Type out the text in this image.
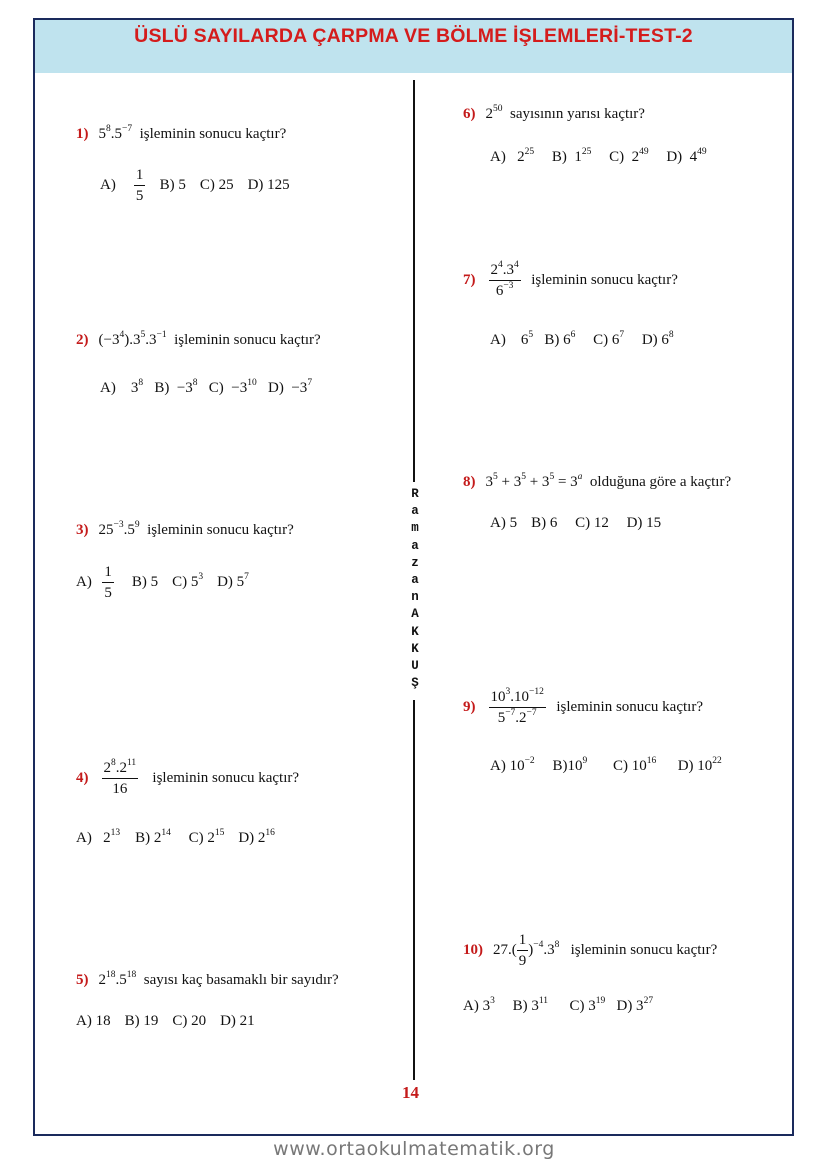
ÜSLÜ SAYILARDA ÇARPMA VE BÖLME İŞLEMLERİ-TEST-2
R
a
m
a
z
a
n
A
K
K
U
Ş
1) $5^8.5^{-7}$ işleminin sonucu kaçtır?
$A) \frac{1}{5} B$) 5 C) 25 D) 125
2) $(-3^4).3^5.3^{-1}$ işleminin sonucu kaçtır?
A)    $3^8$ $B) -3^8$ $C) -3^{10}$ $D) -3^7$
3) $25^{-3}.5^9$ işleminin sonucu kaçtır?
$A) \frac{1}{5} B$) 5 C) $5^3$ D) $5^7$
$4) \frac{2^8.2^{11}}{16}$ işleminin sonucu kaçtır?
A)   $2^{13}$ B) $2^{14}$ C) $2^{15}$ D) $2^{16}$
5) $2^{18}.5^{18}$ sayısı kaç basamaklı bir sayıdır?
A) 18 B) 19 C) 20 D) 21
6) $2^{50}$ sayısının yarısı kaçtır?
A)   $2^{25}$ B)  $1^{25}$ C)  $2^{49}$ D)  $4^{49}$
$7) \frac{2^4.3^4}{6^{-3}}$ işleminin sonucu kaçtır?
A)    $6^5$ B) $6^6$ C) $6^7$ D) $6^8$
8) $3^5 + 3^5 + 3^5 = 3^a$ olduğuna göre a kaçtır?
A) 5 B) 6 C) 12 D) 15
$9) \frac{10^3.10^{-12}}{5^{-7}.2^{-7}}$ işleminin sonucu kaçtır?
A) $10^{-2}$ $B)10^9$ C) $10^{16}$ D) $10^{22}$
10) $27.( \frac{1}{9} )^{-4}.3^8$ işleminin sonucu kaçtır?
A) $3^3$ B) $3^{11}$ C) $3^{19}$ D) $3^{27}$
14
www.ortaokulmatematik.org
